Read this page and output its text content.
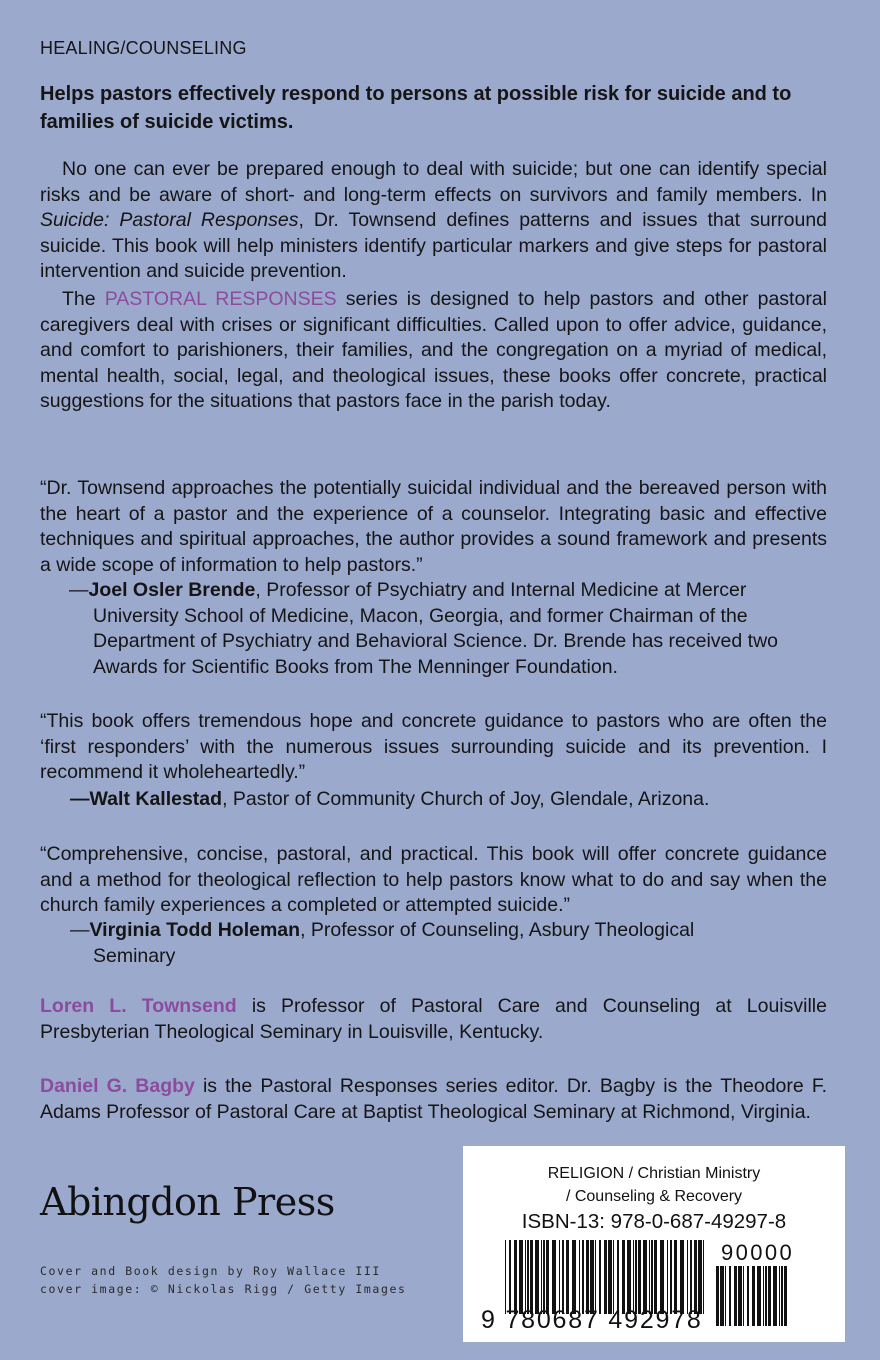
HEALING/COUNSELING
Helps pastors effectively respond to persons at possible risk for suicide and to families of suicide victims.
No one can ever be prepared enough to deal with suicide; but one can identify special risks and be aware of short- and long-term effects on survivors and family members. In Suicide: Pastoral Responses, Dr. Townsend defines patterns and issues that surround suicide. This book will help ministers identify particular markers and give steps for pastoral intervention and suicide prevention.
The PASTORAL RESPONSES series is designed to help pastors and other pastoral caregivers deal with crises or significant difficulties. Called upon to offer advice, guidance, and comfort to parishioners, their families, and the congregation on a myriad of medical, mental health, social, legal, and theological issues, these books offer concrete, practical suggestions for the situations that pastors face in the parish today.
“Dr. Townsend approaches the potentially suicidal individual and the bereaved person with the heart of a pastor and the experience of a counselor. Integrating basic and effective techniques and spiritual approaches, the author provides a sound framework and presents a wide scope of information to help pastors.”
—Joel Osler Brende, Professor of Psychiatry and Internal Medicine at Mercer
University School of Medicine, Macon, Georgia, and former Chairman of the Department of Psychiatry and Behavioral Science. Dr. Brende has received two Awards for Scientific Books from The Menninger Foundation.
“This book offers tremendous hope and concrete guidance to pastors who are often the ‘first responders’ with the numerous issues surrounding suicide and its prevention. I recommend it wholeheartedly.”
—Walt Kallestad, Pastor of Community Church of Joy, Glendale, Arizona.
“Comprehensive, concise, pastoral, and practical. This book will offer concrete guidance and a method for theological reflection to help pastors know what to do and say when the church family experiences a completed or attempted suicide.”
—Virginia Todd Holeman, Professor of Counseling, Asbury Theological
Seminary
Loren L. Townsend is Professor of Pastoral Care and Counseling at Louisville Presbyterian Theological Seminary in Louisville, Kentucky.
Daniel G. Bagby is the Pastoral Responses series editor. Dr. Bagby is the Theodore F. Adams Professor of Pastoral Care at Baptist Theological Seminary at Richmond, Virginia.
Abingdon Press
Cover and Book design by Roy Wallace III
cover image: © Nickolas Rigg / Getty Images
RELIGION / Christian Ministry
/ Counseling & Recovery
ISBN-13: 978-0-687-49297-8
9 780687 492978
90000
